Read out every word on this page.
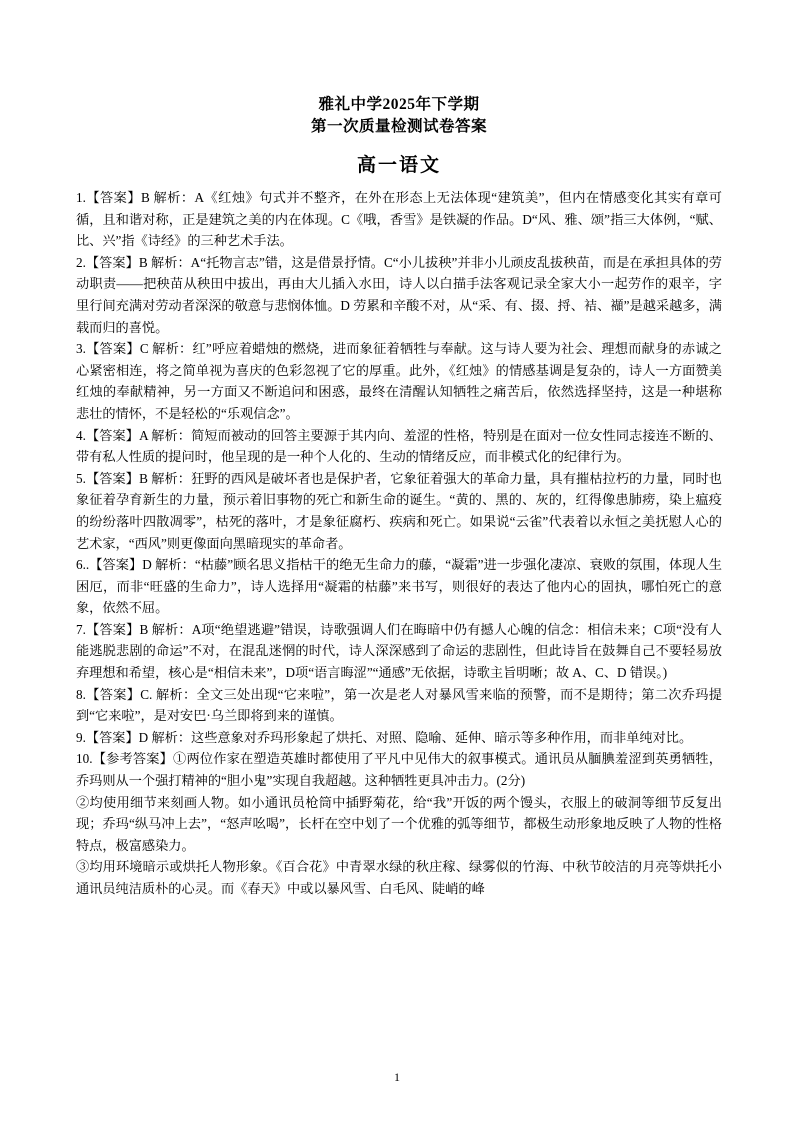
雅礼中学2025年下学期
第一次质量检测试卷答案
高一语文

1.【答案】B 解析：A《红烛》句式并不整齐，在外在形态上无法体现“建筑美”，但内在情感变化其实有章可循，且和谐对称，正是建筑之美的内在体现。C《哦，香雪》是铁凝的作品。D“风、雅、颂”指三大体例，“赋、比、兴”指《诗经》的三种艺术手法。

2.【答案】B 解析：A“托物言志”错，这是借景抒情。C“小儿拔秧”并非小儿顽皮乱拔秧苗，而是在承担具体的劳动职责——把秧苗从秧田中拔出，再由大儿插入水田，诗人以白描手法客观记录全家大小一起劳作的艰辛，字里行间充满对劳动者深深的敬意与悲悯体恤。D 劳累和辛酸不对，从“采、有、掇、捋、袺、襭”是越采越多，满载而归的喜悦。

3.【答案】C 解析：红”呼应着蜡烛的燃烧，进而象征着牺牲与奉献。这与诗人要为社会、理想而献身的赤诚之心紧密相连，将之简单视为喜庆的色彩忽视了它的厚重。此外，《红烛》的情感基调是复杂的，诗人一方面赞美红烛的奉献精神，另一方面又不断追问和困惑，最终在清醒认知牺牲之痛苦后，依然选择坚持，这是一种堪称悲壮的情怀，不是轻松的“乐观信念”。

4.【答案】A 解析：简短而被动的回答主要源于其内向、羞涩的性格，特别是在面对一位女性同志接连不断的、带有私人性质的提问时，他呈现的是一种个人化的、生动的情绪反应，而非模式化的纪律行为。

5.【答案】B 解析：狂野的西风是破坏者也是保护者，它象征着强大的革命力量，具有摧枯拉朽的力量，同时也象征着孕育新生的力量，预示着旧事物的死亡和新生命的诞生。“黄的、黑的、灰的，红得像患肺痨，染上瘟疫的纷纷落叶四散凋零”，枯死的落叶，才是象征腐朽、疾病和死亡。如果说“云雀”代表着以永恒之美抚慰人心的艺术家，“西风”则更像面向黑暗现实的革命者。

6..【答案】D 解析：“枯藤”顾名思义指枯干的绝无生命力的藤，“凝霜”进一步强化凄凉、衰败的氛围，体现人生困厄，而非“旺盛的生命力”，诗人选择用“凝霜的枯藤”来书写，则很好的表达了他内心的固执，哪怕死亡的意象，依然不屈。

7.【答案】B 解析：A项“绝望逃避”错误，诗歌强调人们在晦暗中仍有撼人心魄的信念：相信未来；C项“没有人能逃脱悲剧的命运”不对，在混乱迷惘的时代，诗人深深感到了命运的悲剧性，但此诗旨在鼓舞自己不要轻易放弃理想和希望，核心是“相信未来”，D项“语言晦涩”“通感”无依据，诗歌主旨明晰；故 A、C、D 错误。)

8.【答案】C. 解析：全文三处出现“它来啦”，第一次是老人对暴风雪来临的预警，而不是期待；第二次乔玛提到“它来啦”，是对安巴·乌兰即将到来的谨慎。

9.【答案】D 解析：这些意象对乔玛形象起了烘托、对照、隐喻、延伸、暗示等多种作用，而非单纯对比。

10.【参考答案】①两位作家在塑造英雄时都使用了平凡中见伟大的叙事模式。通讯员从腼腆羞涩到英勇牺牲，乔玛则从一个强打精神的“胆小鬼”实现自我超越。这种牺牲更具冲击力。(2分)

②均使用细节来刻画人物。如小通讯员枪筒中插野菊花，给“我”开饭的两个馒头，衣服上的破洞等细节反复出现；乔玛“纵马冲上去”，“怒声吆喝”，长杆在空中划了一个优雅的弧等细节，都极生动形象地反映了人物的性格特点，极富感染力。

③均用环境暗示或烘托人物形象。《百合花》中青翠水绿的秋庄稼、绿雾似的竹海、中秋节皎洁的月亮等烘托小通讯员纯洁质朴的心灵。而《春天》中或以暴风雪、白毛风、陡峭的峰

1
